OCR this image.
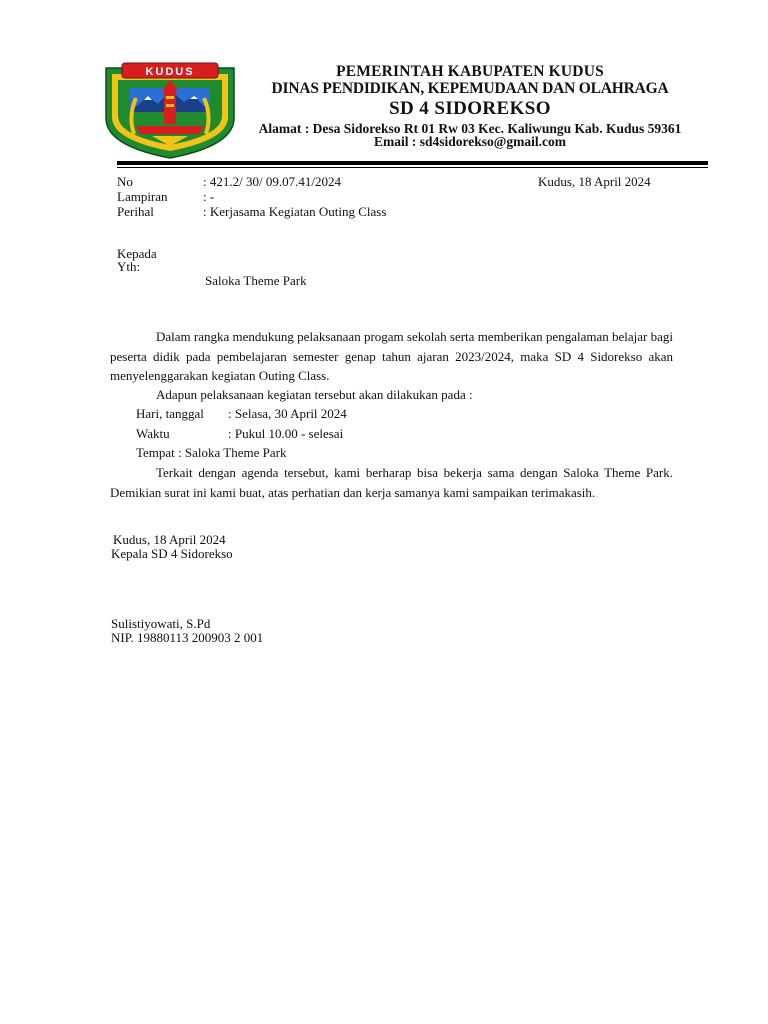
KUDUS	PEMERINTAH KABUPATEN KUDUS
DINAS PENDIDIKAN, KEPEMUDAAN DAN OLAHRAGA
SD 4 SIDOREKSO
Alamat : Desa Sidorekso Rt 01 Rw 03 Kec. Kaliwungu Kab. Kudus 59361
Email : sd4sidorekso@gmail.com
No	: 421.2/ 30/ 09.07.41/2024	Kudus, 18 April 2024
Lampiran	: -
Perihal	: Kerjasama Kegiatan Outing Class
Kepada
Yth:
Saloka Theme Park
Dalam rangka mendukung pelaksanaan progam sekolah serta memberikan pengalaman belajar bagi peserta didik pada pembelajaran semester genap tahun ajaran 2023/2024, maka SD 4 Sidorekso akan menyelenggarakan kegiatan Outing Class.
Adapun pelaksanaan kegiatan tersebut akan dilakukan pada :
Hari, tanggal : Selasa, 30 April 2024
Waktu	: Pukul 10.00 - selesai
Tempat : Saloka Theme Park
Terkait dengan agenda tersebut, kami berharap bisa bekerja sama dengan Saloka Theme Park. Demikian surat ini kami buat, atas perhatian dan kerja samanya kami sampaikan terimakasih.
Kudus, 18 April 2024
Kepala SD 4 Sidorekso
Sulistiyowati, S.Pd
NIP. 19880113 200903 2 001
